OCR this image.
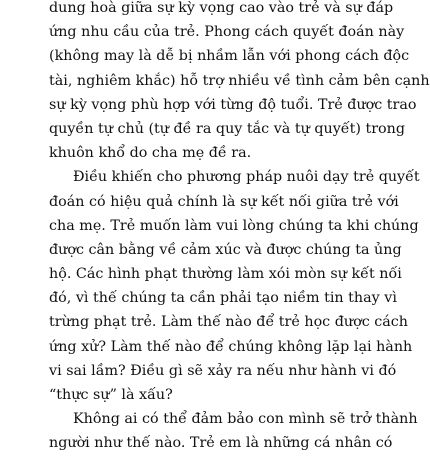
dung hoà giữa sự kỳ vọng cao vào trẻ và sự đáp
ứng nhu cầu của trẻ. Phong cách quyết đoán này
(không may là dễ bị nhầm lẫn với phong cách độc
tài, nghiêm khắc) hỗ trợ nhiều về tình cảm bên cạnh
sự kỳ vọng phù hợp với từng độ tuổi. Trẻ được trao
quyền tự chủ (tự đề ra quy tắc và tự quyết) trong
khuôn khổ do cha mẹ đề ra.
Điều khiến cho phương pháp nuôi dạy trẻ quyết
đoán có hiệu quả chính là sự kết nối giữa trẻ với
cha mẹ. Trẻ muốn làm vui lòng chúng ta khi chúng
được cân bằng về cảm xúc và được chúng ta ủng
hộ. Các hình phạt thường làm xói mòn sự kết nối
đó, vì thế chúng ta cần phải tạo niềm tin thay vì
trừng phạt trẻ. Làm thế nào để trẻ học được cách
ứng xử? Làm thế nào để chúng không lặp lại hành
vi sai lầm? Điều gì sẽ xảy ra nếu như hành vi đó
“thực sự” là xấu?
Không ai có thể đảm bảo con mình sẽ trở thành
người như thế nào. Trẻ em là những cá nhân có
